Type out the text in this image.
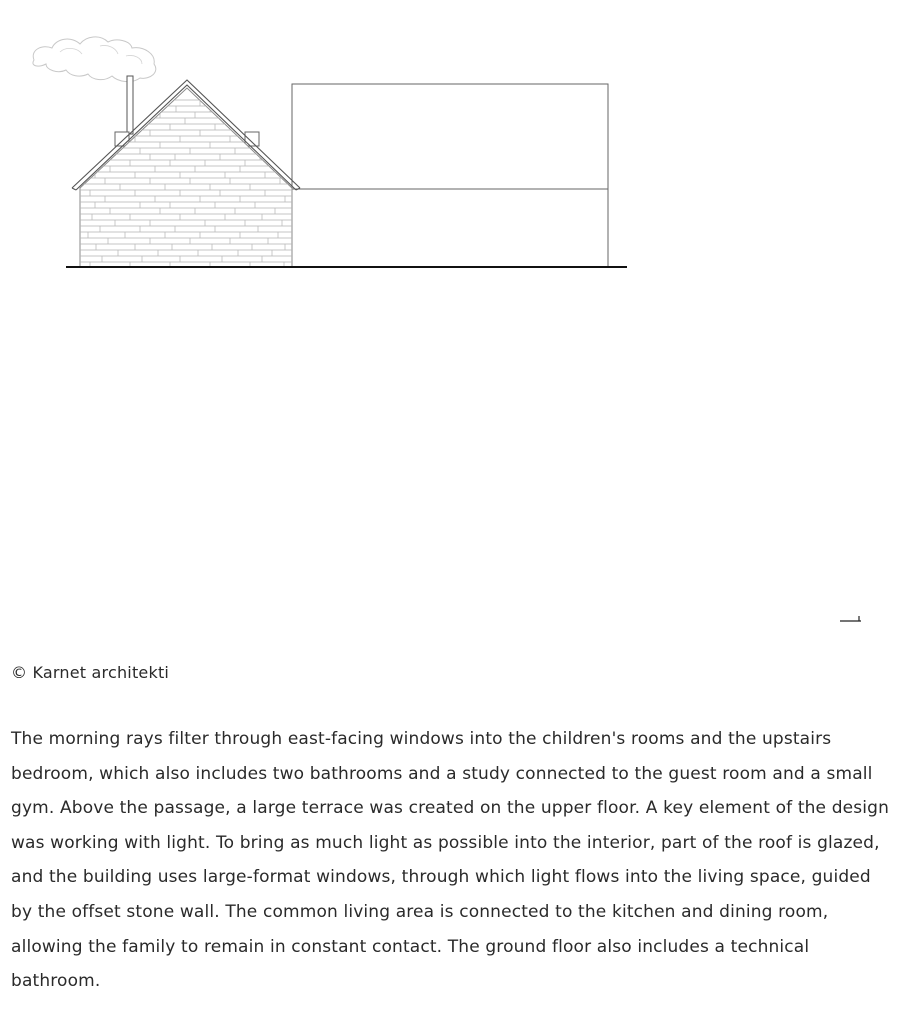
© Karnet architekti

The morning rays filter through east-facing windows into the children's rooms and the upstairs bedroom, which also includes two bathrooms and a study connected to the guest room and a small gym. Above the passage, a large terrace was created on the upper floor. A key element of the design was working with light. To bring as much light as possible into the interior, part of the roof is glazed, and the building uses large-format windows, through which light flows into the living space, guided by the offset stone wall. The common living area is connected to the kitchen and dining room, allowing the family to remain in constant contact. The ground floor also includes a technical bathroom.
